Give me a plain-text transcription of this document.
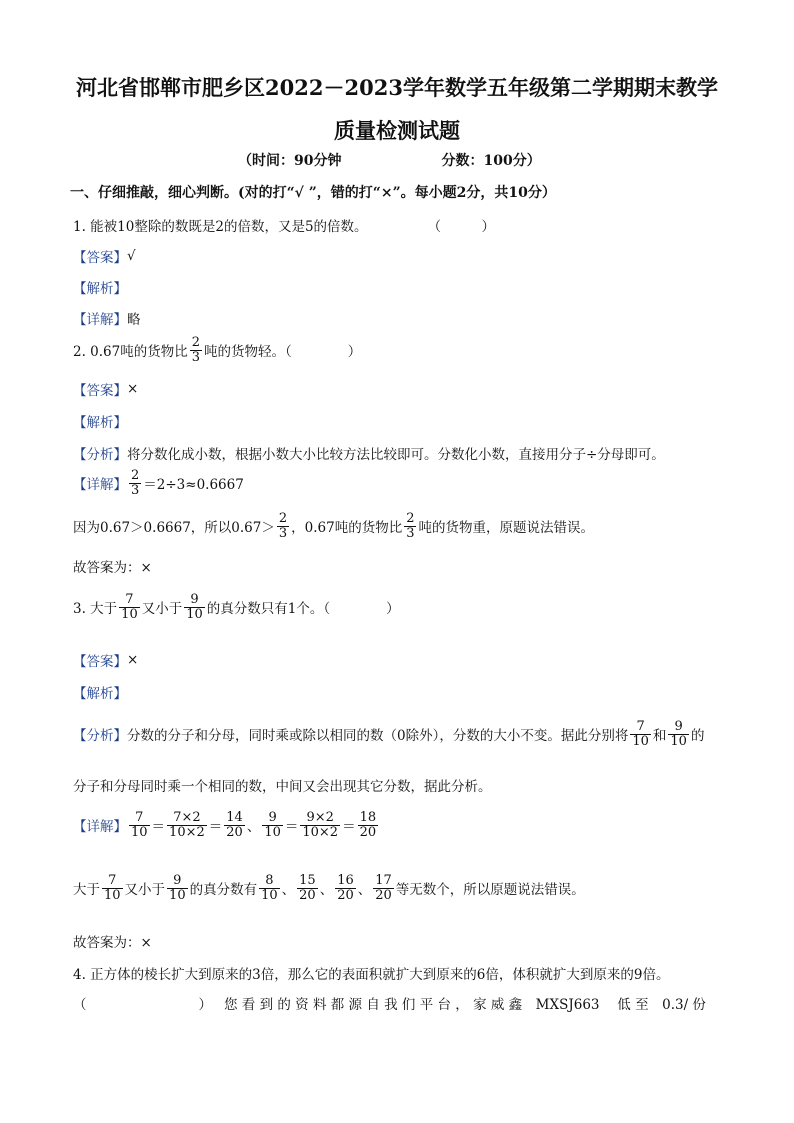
河北省邯郸市肥乡区2022－2023学年数学五年级第二学期期末教学
质量检测试题
（时间：90分钟	分数：100分）
一、仔细推敲，细心判断。(对的打“√ ”，错的打“×”。每小题2分，共10分）
1. 能被10整除的数既是2的倍数，又是5的倍数。	（　　　）
【答案】 √
【解析】
【详解】 略
2. 0.67吨的货物比 $\frac{2}{3}$ 吨的货物轻。（	）
【答案】 ×
【解析】
【分析】 将分数化成小数，根据小数大小比较方法比较即可。分数化小数，直接用分子÷分母即可。
【详解】 $\frac{2}{3} =2\div 3\approx 0.6667$
因为0.67＞0.6667，所以$0.67> \frac{2}{3}$ ，0.67吨的货物比 $\frac{2}{3}$ 吨的货物重，原题说法错误。
故答案为：×
3. 大于 $\frac{7}{10}$ 又小于 $\frac{9}{10}$ 的真分数只有1个。（	）
【答案】 ×
【解析】
【分析】 分数的分子和分母，同时乘或除以相同的数（0除外），分数的大小不变。据此分别将 $\frac{7}{10}$ 和 $\frac{9}{10}$ 的
分子和分母同时乘一个相同的数，中间又会出现其它分数，据此分析。
【详解】 $\frac{7}{10} = \frac{7\times 2}{10\times 2} = \frac{14}{20}$ 、 $\frac{9}{10} = \frac{9\times 2}{10\times 2} = \frac{18}{20}$
大于 $\frac{7}{10}$ 又小于 $\frac{9}{10}$ 的真分数有 $\frac{8}{10}$ 、 $\frac{15}{20}$ 、 $\frac{16}{20}$ 、 $\frac{17}{20}$ 等无数个，所以原题说法错误。
故答案为：×
4. 正方体的棱长扩大到原来的3倍，那么它的表面积就扩大到原来的6倍，体积就扩大到原来的9倍。
（	） 您 看 到 的 资 料 都 源 自 我 们 平 台 ， 家 威 鑫　MXSJ663　 低 至　0.3/ 份
